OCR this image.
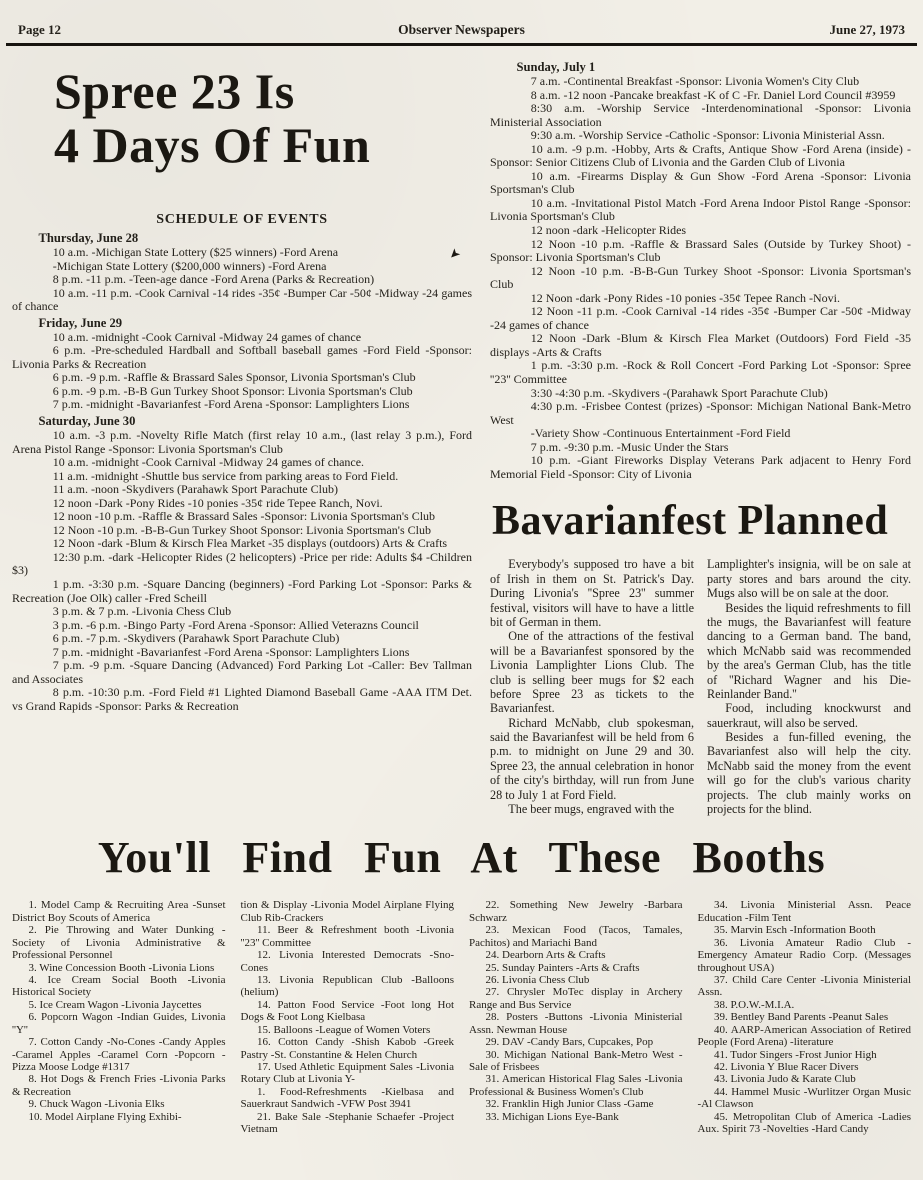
Page 12	Observer Newspapers	June 27, 1973
Spree 23 Is
4 Days Of Fun
SCHEDULE OF EVENTS

Thursday, June 28

10 a.m. -Michigan State Lottery ($25 winners) -Ford Arena

-Michigan State Lottery ($200,000 winners) -Ford Arena

8 p.m. -11 p.m. -Teen-age dance -Ford Arena (Parks & Recreation)

10 a.m. -11 p.m. -Cook Carnival -14 rides -35¢ -Bumper Car -50¢ -Midway -24 games of chance

Friday, June 29

10 a.m. -midnight -Cook Carnival -Midway 24 games of chance

6 p.m. -Pre-scheduled Hardball and Softball baseball games -Ford Field -Sponsor: Livonia Parks & Recreation

6 p.m. -9 p.m. -Raffle & Brassard Sales Sponsor, Livonia Sportsman's Club

6 p.m. -9 p.m. -B-B Gun Turkey Shoot Sponsor: Livonia Sportsman's Club

7 p.m. -midnight -Bavarianfest -Ford Arena -Sponsor: Lamplighters Lions

Saturday, June 30

10 a.m. -3 p.m. -Novelty Rifle Match (first relay 10 a.m., (last relay 3 p.m.), Ford Arena Pistol Range -Sponsor: Livonia Sportsman's Club

10 a.m. -midnight -Cook Carnival -Midway 24 games of chance.

11 a.m. -midnight -Shuttle bus service from parking areas to Ford Field.

11 a.m. -noon -Skydivers (Parahawk Sport Parachute Club)

12 noon -Dark -Pony Rides -10 ponies -35¢ ride Tepee Ranch, Novi.

12 noon -10 p.m. -Raffle & Brassard Sales -Sponsor: Livonia Sportsman's Club

12 Noon -10 p.m. -B-B-Gun Turkey Shoot Sponsor: Livonia Sportsman's Club

12 Noon -dark -Blum & Kirsch Flea Market -35 displays (outdoors) Arts & Crafts

12:30 p.m. -dark -Helicopter Rides (2 helicopters) -Price per ride: Adults $4 -Children $3)

1 p.m. -3:30 p.m. -Square Dancing (beginners) -Ford Parking Lot -Sponsor: Parks & Recreation (Joe Olk) caller -Fred Scheill

3 p.m. & 7 p.m. -Livonia Chess Club

3 p.m. -6 p.m. -Bingo Party -Ford Arena -Sponsor: Allied Veterazns Council

6 p.m. -7 p.m. -Skydivers (Parahawk Sport Parachute Club)

7 p.m. -midnight -Bavarianfest -Ford Arena -Sponsor: Lamplighters Lions

7 p.m. -9 p.m. -Square Dancing (Advanced) Ford Parking Lot -Caller: Bev Tallman and Associates

8 p.m. -10:30 p.m. -Ford Field #1 Lighted Diamond Baseball Game -AAA ITM Det. vs Grand Rapids -Sponsor: Parks & Recreation

Sunday, July 1

7 a.m. -Continental Breakfast -Sponsor: Livonia Women's City Club

8 a.m. -12 noon -Pancake breakfast -K of C -Fr. Daniel Lord Council #3959

8:30 a.m. -Worship Service -Interdenominational -Sponsor: Livonia Ministerial Association

9:30 a.m. -Worship Service -Catholic -Sponsor: Livonia Ministerial Assn.

10 a.m. -9 p.m. -Hobby, Arts & Crafts, Antique Show -Ford Arena (inside) -Sponsor: Senior Citizens Club of Livonia and the Garden Club of Livonia

10 a.m. -Firearms Display & Gun Show -Ford Arena -Sponsor: Livonia Sportsman's Club

10 a.m. -Invitational Pistol Match -Ford Arena Indoor Pistol Range -Sponsor: Livonia Sportsman's Club

12 noon -dark -Helicopter Rides

12 Noon -10 p.m. -Raffle & Brassard Sales (Outside by Turkey Shoot) -Sponsor: Livonia Sportsman's Club

12 Noon -10 p.m. -B-B-Gun Turkey Shoot -Sponsor: Livonia Sportsman's Club

12 Noon -dark -Pony Rides -10 ponies -35¢ Tepee Ranch -Novi.

12 Noon -11 p.m. -Cook Carnival -14 rides -35¢ -Bumper Car -50¢ -Midway -24 games of chance

12 Noon -Dark -Blum & Kirsch Flea Market (Outdoors) Ford Field -35 displays -Arts & Crafts

1 p.m. -3:30 p.m. -Rock & Roll Concert -Ford Parking Lot -Sponsor: Spree ''23'' Committee

3:30 -4:30 p.m. -Skydivers -(Parahawk Sport Parachute Club)

4:30 p.m. -Frisbee Contest (prizes) -Sponsor: Michigan National Bank-Metro West

-Variety Show -Continuous Entertainment -Ford Field

7 p.m. -9:30 p.m. -Music Under the Stars

10 p.m. -Giant Fireworks Display Veterans Park adjacent to Henry Ford Memorial Field -Sponsor: City of Livonia

Bavarianfest Planned

Everybody's supposed tro have a bit of Irish in them on St. Patrick's Day. During Livonia's ''Spree 23'' summer festival, visitors will have to have a little bit of German in them.

One of the attractions of the festival will be a Bavarianfest sponsored by the Livonia Lamplighter Lions Club. The club is selling beer mugs for $2 each before Spree 23 as tickets to the Bavarianfest.

Richard McNabb, club spokesman, said the Bavarianfest will be held from 6 p.m. to midnight on June 29 and 30. Spree 23, the annual celebration in honor of the city's birthday, will run from June 28 to July 1 at Ford Field.

The beer mugs, engraved with the

Lamplighter's insignia, will be on sale at party stores and bars around the city. Mugs also will be on sale at the door.

Besides the liquid refreshments to fill the mugs, the Bavarianfest will feature dancing to a German band. The band, which McNabb said was recommended by the area's German Club, has the title of ''Richard Wagner and his Die-Reinlander Band.''

Food, including knockwurst and sauerkraut, will also be served.

Besides a fun-filled evening, the Bavarianfest also will help the city. McNabb said the money from the event will go for the club's various charity projects. The club mainly works on projects for the blind.

You'll Find Fun At These Booths

1. Model Camp & Recruiting Area -Sunset District Boy Scouts of America

2. Pie Throwing and Water Dunking -Society of Livonia Administrative & Professional Personnel

3. Wine Concession Booth -Livonia Lions

4. Ice Cream Social Booth -Livonia Historical Society

5. Ice Cream Wagon -Livonia Jaycettes

6. Popcorn Wagon -Indian Guides, Livonia ''Y''

7. Cotton Candy -No-Cones -Candy Apples -Caramel Apples -Caramel Corn -Popcorn -Pizza Moose Lodge #1317

8. Hot Dogs & French Fries -Livonia Parks & Recreation

9. Chuck Wagon -Livonia Elks

10. Model Airplane Flying Exhibi-

tion & Display -Livonia Model Airplane Flying Club Rib-Crackers

11. Beer & Refreshment booth -Livonia ''23'' Committee

12. Livonia Interested Democrats -Sno-Cones

13. Livonia Republican Club -Balloons (helium)

14. Patton Food Service -Foot long Hot Dogs & Foot Long Kielbasa

15. Balloons -League of Women Voters

16. Cotton Candy -Shish Kabob -Greek Pastry -St. Constantine & Helen Church

17. Used Athletic Equipment Sales -Livonia Rotary Club at Livonia Y-

1. Food-Refreshments -Kielbasa and Sauerkraut Sandwich -VFW Post 3941

21. Bake Sale -Stephanie Schaefer -Project Vietnam

22. Something New Jewelry -Barbara Schwarz

23. Mexican Food (Tacos, Tamales, Pachitos) and Mariachi Band

24. Dearborn Arts & Crafts

25. Sunday Painters -Arts & Crafts

26. Livonia Chess Club

27. Chrysler MoTec display in Archery Range and Bus Service

28. Posters -Buttons -Livonia Ministerial Assn. Newman House

29. DAV -Candy Bars, Cupcakes, Pop

30. Michigan National Bank-Metro West -Sale of Frisbees

31. American Historical Flag Sales -Livonia Professional & Business Women's Club

32. Franklin High Junior Class -Game

33. Michigan Lions Eye-Bank

34. Livonia Ministerial Assn. Peace Education -Film Tent

35. Marvin Esch -Information Booth

36. Livonia Amateur Radio Club -Emergency Amateur Radio Corp. (Messages throughout USA)

37. Child Care Center -Livonia Ministerial Assn.

38. P.O.W.-M.I.A.

39. Bentley Band Parents -Peanut Sales

40. AARP-American Association of Retired People (Ford Arena) -literature

41. Tudor Singers -Frost Junior High

42. Livonia Y Blue Racer Divers

43. Livonia Judo & Karate Club

44. Hammel Music -Wurlitzer Organ Music -Al Clawson

45. Metropolitan Club of America -Ladies Aux. Spirit 73 -Novelties -Hard Candy

➤
